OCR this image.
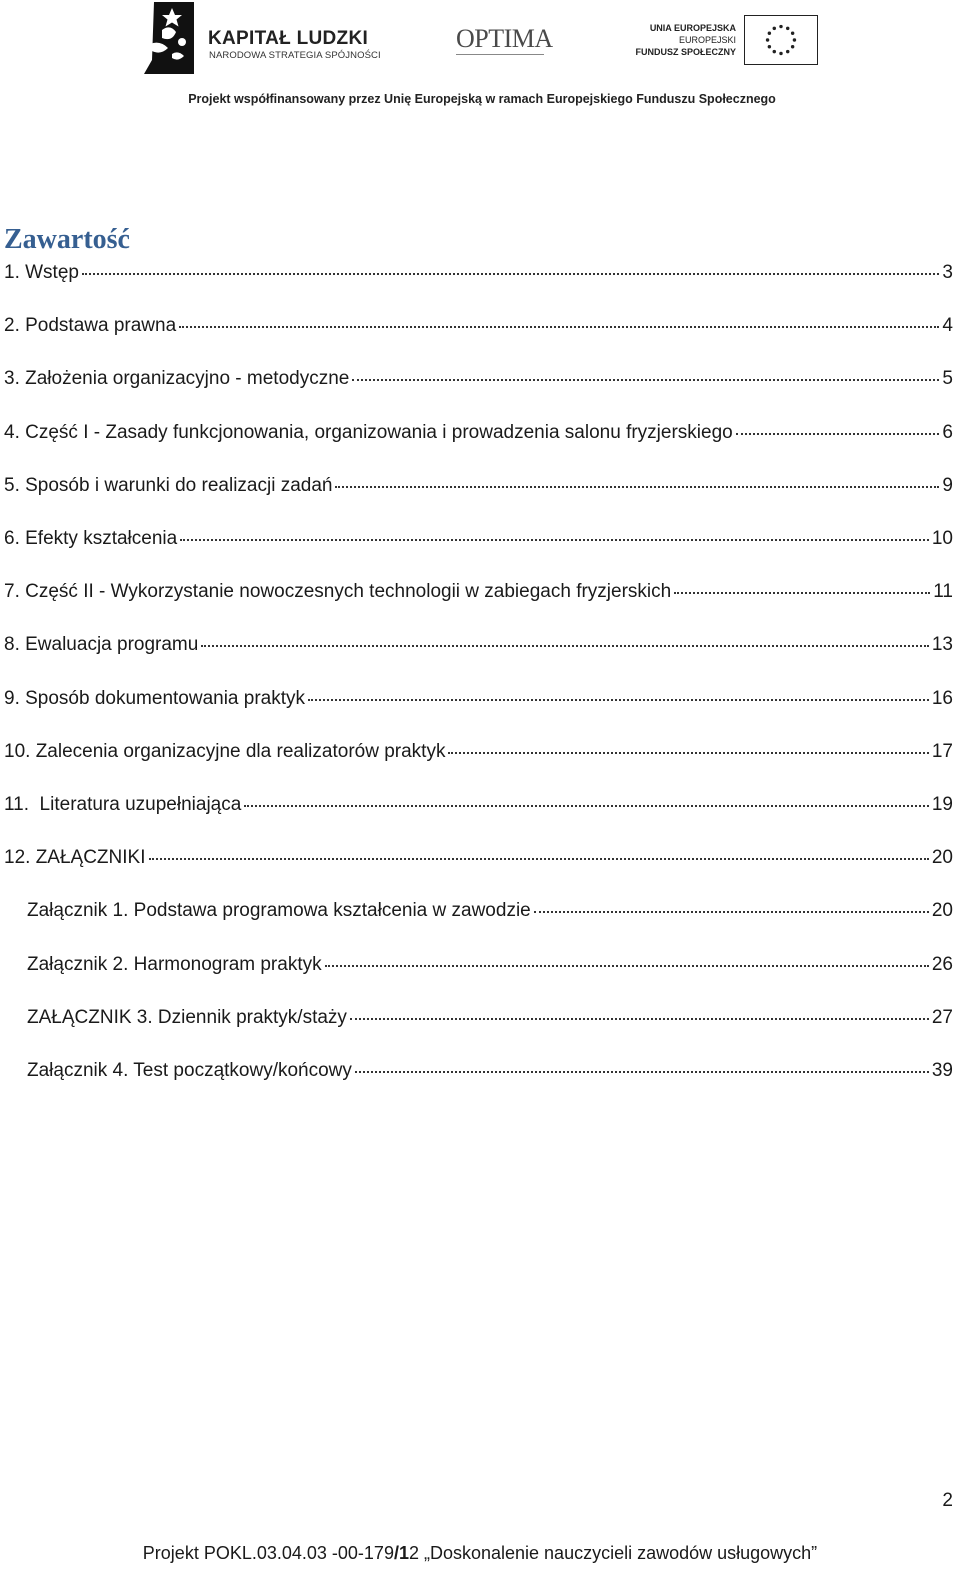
KAPITAŁ LUDZKI
NARODOWA STRATEGIA SPÓJNOŚCI
OPTIMA	UNIA EUROPEJSKA
EUROPEJSKI
FUNDUSZ SPOŁECZNY
Projekt współfinansowany przez Unię Europejską w ramach Europejskiego Funduszu Społecznego
Zawartość
1. Wstęp	3
2. Podstawa prawna	4
3. Założenia organizacyjno - metodyczne	5
4. Część I - Zasady funkcjonowania, organizowania i prowadzenia salonu fryzjerskiego	6
5. Sposób i warunki do realizacji zadań	9
6. Efekty kształcenia	10
7. Część II - Wykorzystanie nowoczesnych technologii w zabiegach fryzjerskich	11
8. Ewaluacja programu	13
9. Sposób dokumentowania praktyk	16
10. Zalecenia organizacyjne dla realizatorów praktyk	17
11.  Literatura uzupełniająca	19
12. ZAŁĄCZNIKI	20
Załącznik 1. Podstawa programowa kształcenia w zawodzie	20
Załącznik 2. Harmonogram praktyk	26
ZAŁĄCZNIK 3. Dziennik praktyk/staży	27
Załącznik 4. Test początkowy/końcowy	39
2
Projekt POKL.03.04.03 -00-179/12 „Doskonalenie nauczycieli zawodów usługowych”
